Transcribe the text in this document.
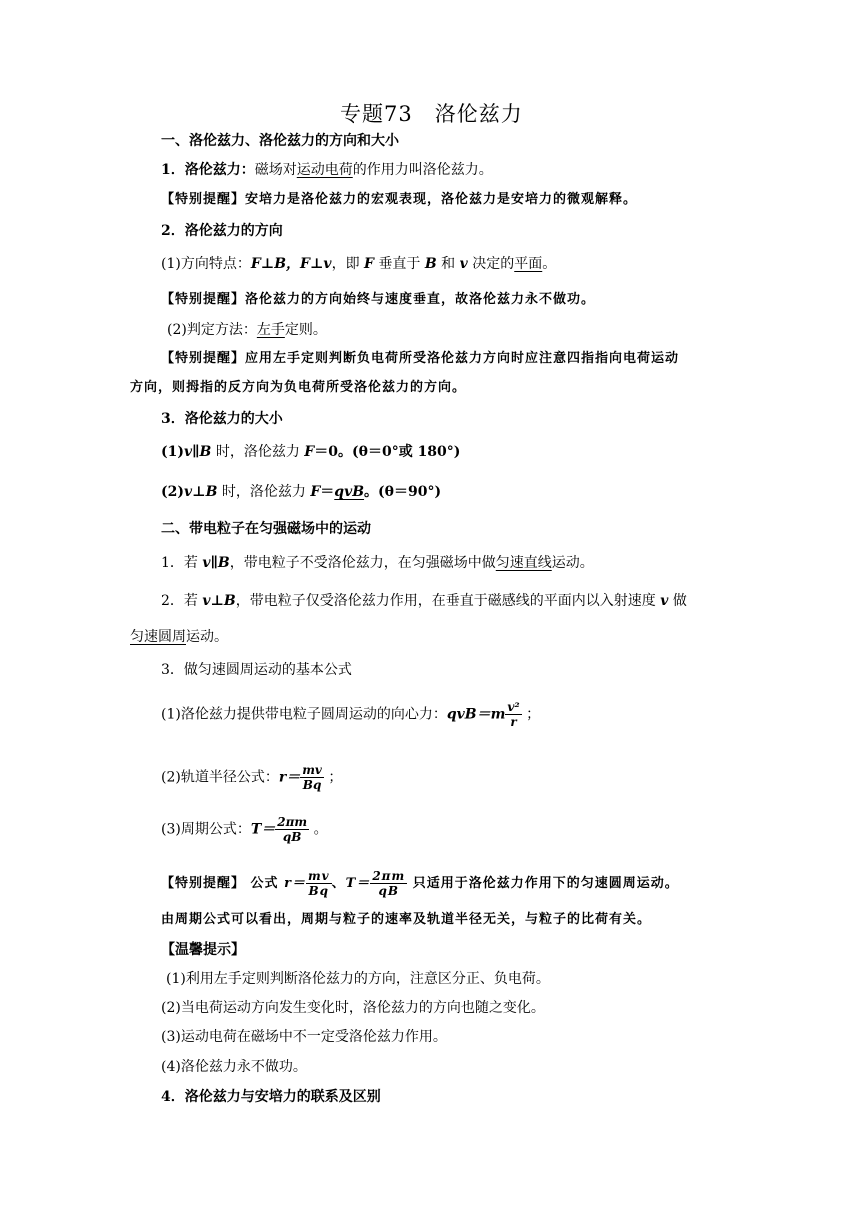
专题73　洛伦兹力
一、洛伦兹力、洛伦兹力的方向和大小
1．洛伦兹力：磁场对运动电荷的作用力叫洛伦兹力。
【特别提醒】安培力是洛伦兹力的宏观表现，洛伦兹力是安培力的微观解释。
2．洛伦兹力的方向
(1)方向特点：F⊥B，F⊥v，即 F 垂直于 B 和 v 决定的平面。
【特别提醒】洛伦兹力的方向始终与速度垂直，故洛伦兹力永不做功。
(2)判定方法：左手定则。
【特别提醒】应用左手定则判断负电荷所受洛伦兹力方向时应注意四指指向电荷运动
方向，则拇指的反方向为负电荷所受洛伦兹力的方向。
3．洛伦兹力的大小
(1)v∥B 时，洛伦兹力 F＝0。(θ＝0°或 180°)
(2)v⊥B 时，洛伦兹力 F＝qvB。(θ＝90°)
二、带电粒子在匀强磁场中的运动
1．若 v∥B，带电粒子不受洛伦兹力，在匀强磁场中做匀速直线运动。
2．若 v⊥B，带电粒子仅受洛伦兹力作用，在垂直于磁感线的平面内以入射速度 v 做
匀速圆周运动。
3．做匀速圆周运动的基本公式
(1)洛伦兹力提供带电粒子圆周运动的向心力：$qvB=m \frac{\text{v²}}{r}$ ；
(2)轨道半径公式：$r= \frac{mv}{Bq}$ ；
(3)周期公式：$T= \frac{2\pi m}{qB}$ 。
【特别提醒】 公式 $r= \frac{mv}{Bq}$ 、$T= \frac{2\pi m}{qB}$ 只适用于洛伦兹力作用下的匀速圆周运动。
由周期公式可以看出，周期与粒子的速率及轨道半径无关，与粒子的比荷有关。
【温馨提示】
(1)利用左手定则判断洛伦兹力的方向，注意区分正、负电荷。
(2)当电荷运动方向发生变化时，洛伦兹力的方向也随之变化。
(3)运动电荷在磁场中不一定受洛伦兹力作用。
(4)洛伦兹力永不做功。
4．洛伦兹力与安培力的联系及区别
